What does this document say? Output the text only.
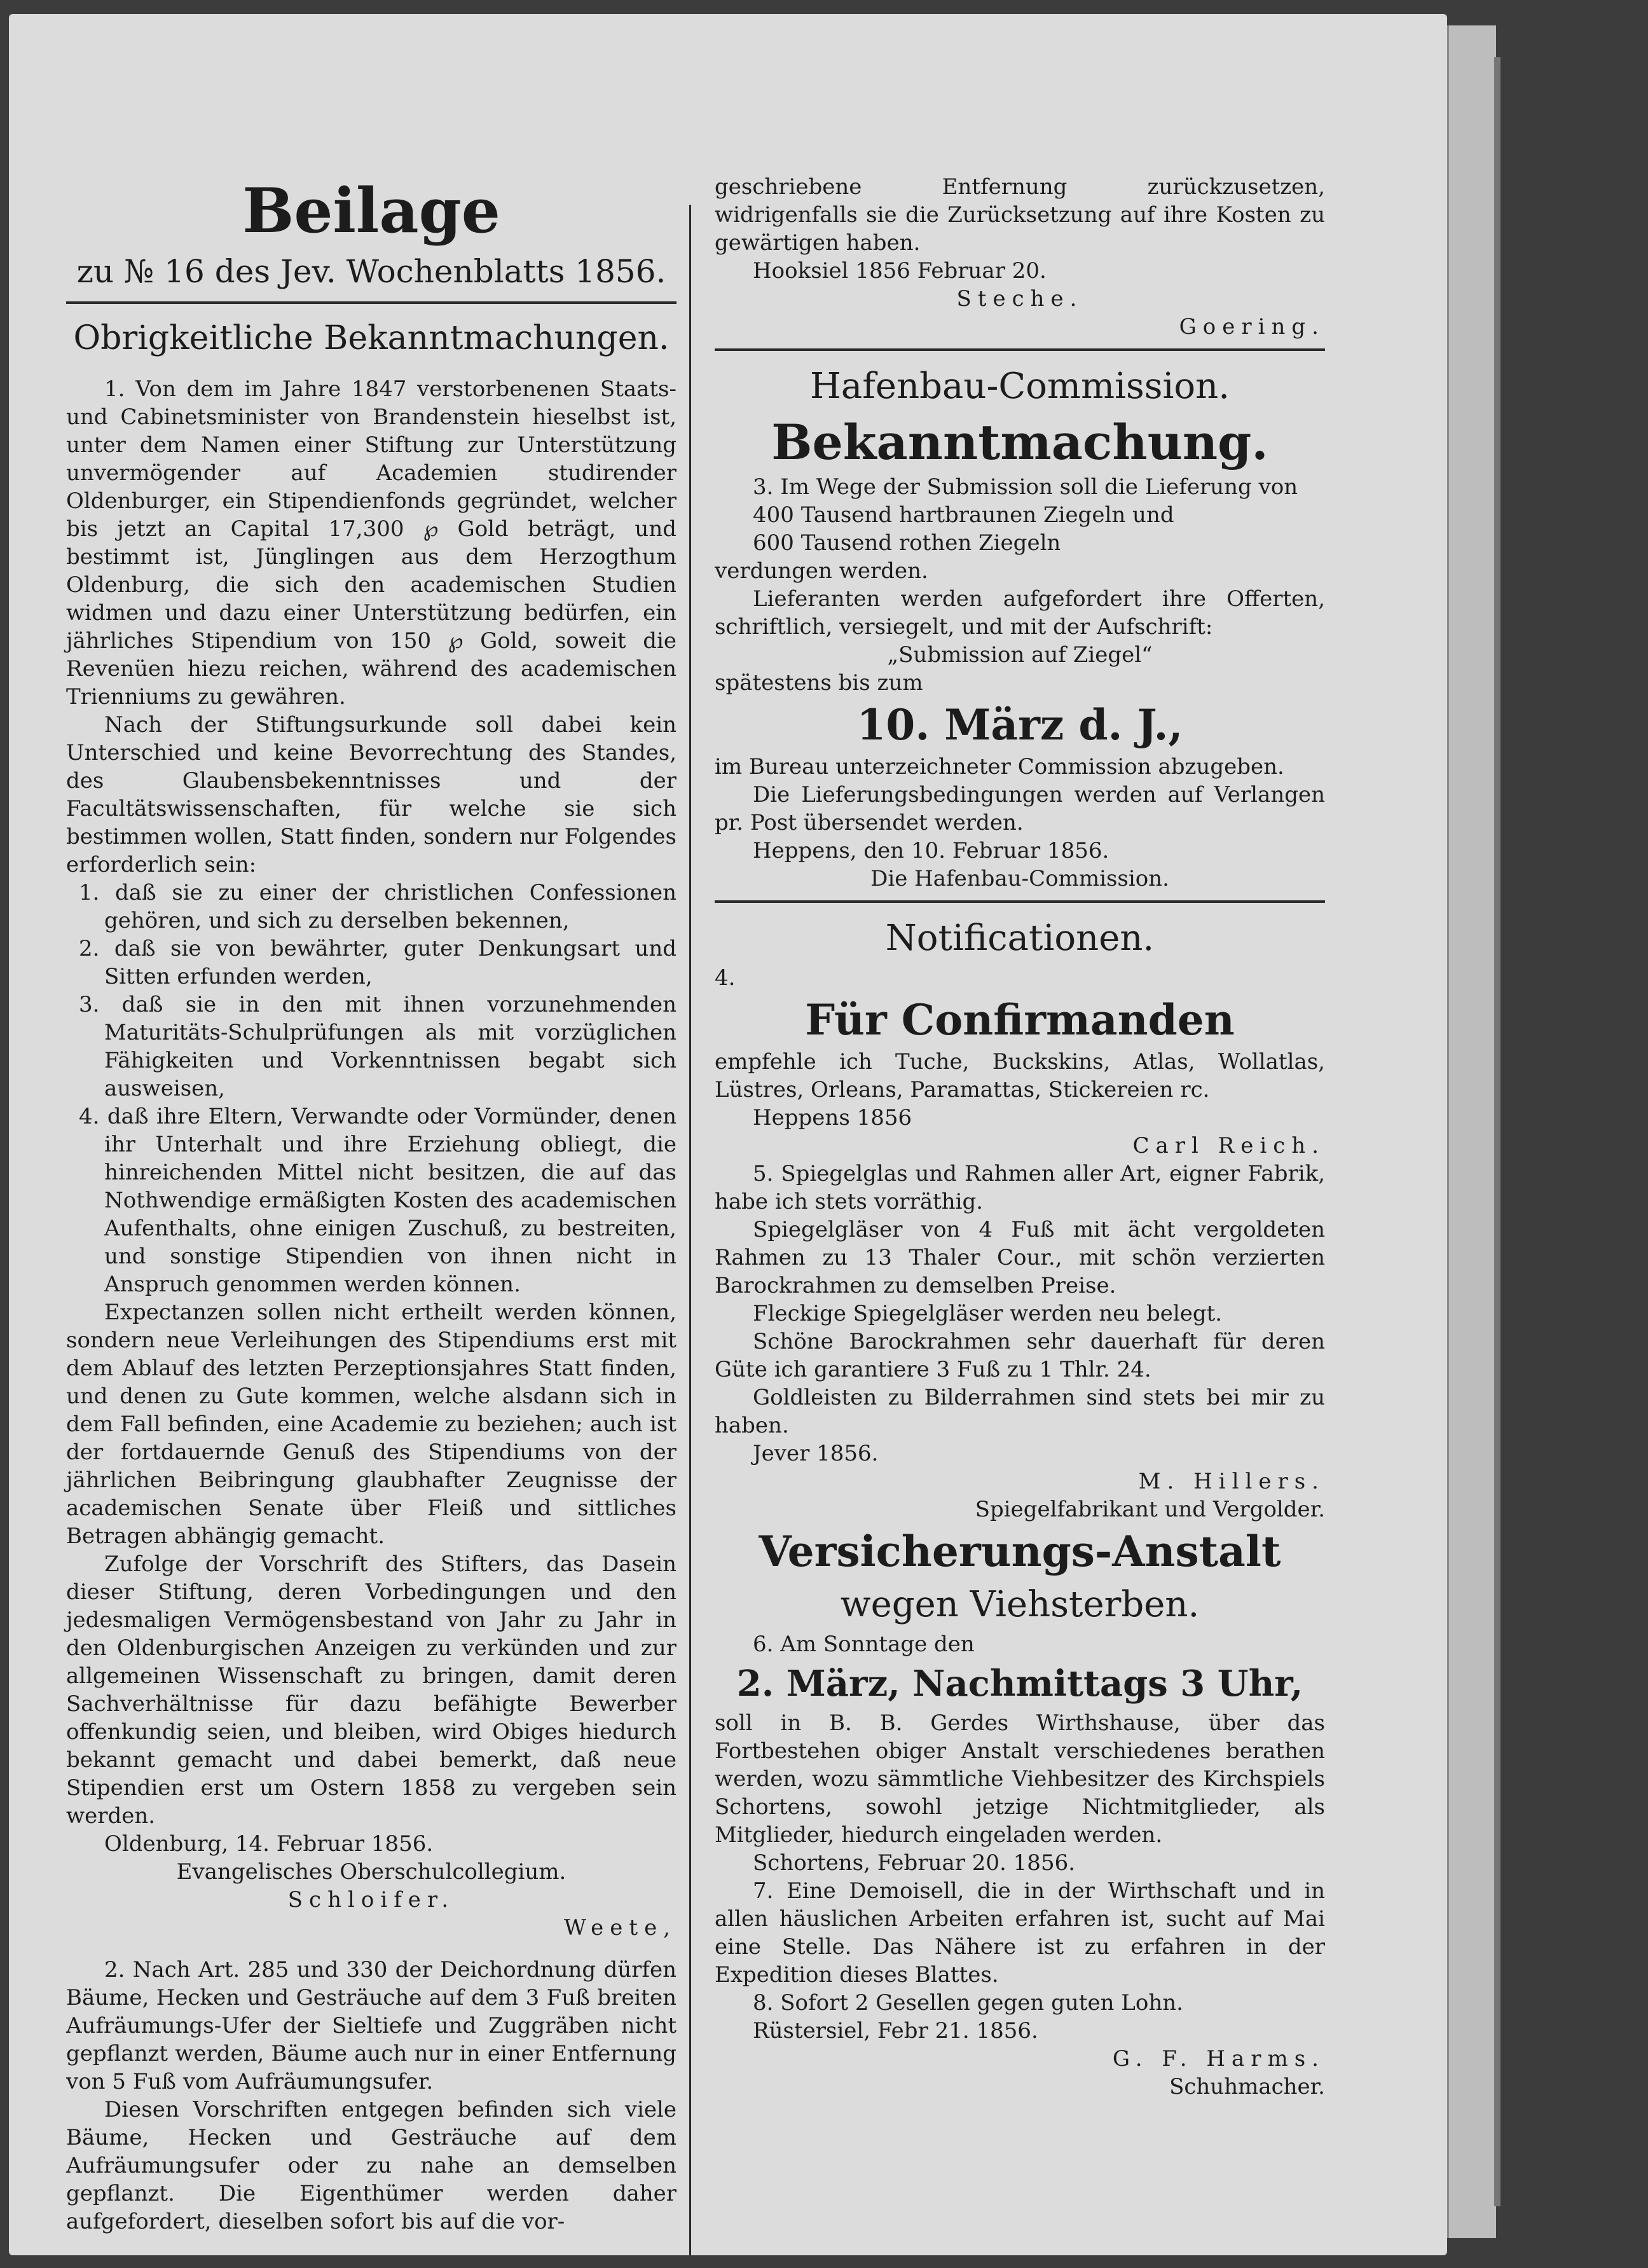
Beilage

zu № 16 des Jev. Wochenblatts 1856.

Obrigkeitliche Bekanntmachungen.

1. Von dem im Jahre 1847 verstorbenenen Staats- und Cabinetsminister von Brandenstein hieselbst ist, unter dem Namen einer Stiftung zur Unterstützung unvermögender auf Academien studirender Oldenburger, ein Stipendienfonds gegründet, welcher bis jetzt an Capital 17,300 ℘ Gold beträgt, und bestimmt ist, Jünglingen aus dem Herzogthum Oldenburg, die sich den academischen Studien widmen und dazu einer Unterstützung bedürfen, ein jährliches Stipendium von 150 ℘ Gold, soweit die Revenüen hiezu reichen, während des academischen Trienniums zu gewähren.

Nach der Stiftungsurkunde soll dabei kein Unterschied und keine Bevorrechtung des Standes, des Glaubensbekenntnisses und der Facultätswissenschaften, für welche sie sich bestimmen wollen, Statt finden, sondern nur Folgendes erforderlich sein:

1. daß sie zu einer der christlichen Confessionen gehören, und sich zu derselben bekennen,

2. daß sie von bewährter, guter Denkungsart und Sitten erfunden werden,

3. daß sie in den mit ihnen vorzunehmenden Maturitäts-Schulprüfungen als mit vorzüglichen Fähigkeiten und Vorkenntnissen begabt sich ausweisen,

4. daß ihre Eltern, Verwandte oder Vormünder, denen ihr Unterhalt und ihre Erziehung obliegt, die hinreichenden Mittel nicht besitzen, die auf das Nothwendige ermäßigten Kosten des academischen Aufenthalts, ohne einigen Zuschuß, zu bestreiten, und sonstige Stipendien von ihnen nicht in Anspruch genommen werden können.

Expectanzen sollen nicht ertheilt werden können, sondern neue Verleihungen des Stipendiums erst mit dem Ablauf des letzten Perzeptionsjahres Statt finden, und denen zu Gute kommen, welche alsdann sich in dem Fall befinden, eine Academie zu beziehen; auch ist der fortdauernde Genuß des Stipendiums von der jährlichen Beibringung glaubhafter Zeugnisse der academischen Senate über Fleiß und sittliches Betragen abhängig gemacht.

Zufolge der Vorschrift des Stifters, das Dasein dieser Stiftung, deren Vorbedingungen und den jedesmaligen Vermögensbestand von Jahr zu Jahr in den Oldenburgischen Anzeigen zu verkünden und zur allgemeinen Wissenschaft zu bringen, damit deren Sachverhältnisse für dazu befähigte Bewerber offenkundig seien, und bleiben, wird Obiges hiedurch bekannt gemacht und dabei bemerkt, daß neue Stipendien erst um Ostern 1858 zu vergeben sein werden.

Oldenburg, 14. Februar 1856.

Evangelisches Oberschulcollegium.

Schloifer.

Weete,

2. Nach Art. 285 und 330 der Deichordnung dürfen Bäume, Hecken und Gesträuche auf dem 3 Fuß breiten Aufräumungs-Ufer der Sieltiefe und Zuggräben nicht gepflanzt werden, Bäume auch nur in einer Entfernung von 5 Fuß vom Aufräumungsufer.

Diesen Vorschriften entgegen befinden sich viele Bäume, Hecken und Gesträuche auf dem Aufräumungsufer oder zu nahe an demselben gepflanzt. Die Eigenthümer werden daher aufgefordert, dieselben sofort bis auf die vor-

geschriebene Entfernung zurückzusetzen, widrigenfalls sie die Zurücksetzung auf ihre Kosten zu gewärtigen haben.

Hooksiel 1856 Februar 20.

Steche.

Goering.

Hafenbau-Commission.

Bekanntmachung.

3. Im Wege der Submission soll die Lieferung von

400 Tausend hartbraunen Ziegeln und

600 Tausend rothen Ziegeln

verdungen werden.

Lieferanten werden aufgefordert ihre Offerten, schriftlich, versiegelt, und mit der Aufschrift:

„Submission auf Ziegel“

spätestens bis zum

10. März d. J.,

im Bureau unterzeichneter Commission abzugeben.

Die Lieferungsbedingungen werden auf Verlangen pr. Post übersendet werden.

Heppens, den 10. Februar 1856.

Die Hafenbau-Commission.

Notificationen.

4.

Für Confirmanden

empfehle ich Tuche, Buckskins, Atlas, Wollatlas, Lüstres, Orleans, Paramattas, Stickereien rc.

Heppens 1856

Carl Reich.

5. Spiegelglas und Rahmen aller Art, eigner Fabrik, habe ich stets vorräthig.

Spiegelgläser von 4 Fuß mit ächt vergoldeten Rahmen zu 13 Thaler Cour., mit schön verzierten Barockrahmen zu demselben Preise.

Fleckige Spiegelgläser werden neu belegt.

Schöne Barockrahmen sehr dauerhaft für deren Güte ich garantiere 3 Fuß zu 1 Thlr. 24.

Goldleisten zu Bilderrahmen sind stets bei mir zu haben.

Jever 1856.

M. Hillers.

Spiegelfabrikant und Vergolder.

Versicherungs-Anstalt

wegen Viehsterben.

6. Am Sonntage den

2. März, Nachmittags 3 Uhr,

soll in B. B. Gerdes Wirthshause, über das Fortbestehen obiger Anstalt verschiedenes berathen werden, wozu sämmtliche Viehbesitzer des Kirchspiels Schortens, sowohl jetzige Nichtmitglieder, als Mitglieder, hiedurch eingeladen werden.

Schortens, Februar 20. 1856.

7. Eine Demoisell, die in der Wirthschaft und in allen häuslichen Arbeiten erfahren ist, sucht auf Mai eine Stelle. Das Nähere ist zu erfahren in der Expedition dieses Blattes.

8. Sofort 2 Gesellen gegen guten Lohn.

Rüstersiel, Febr 21. 1856.

G. F. Harms.

Schuhmacher.
